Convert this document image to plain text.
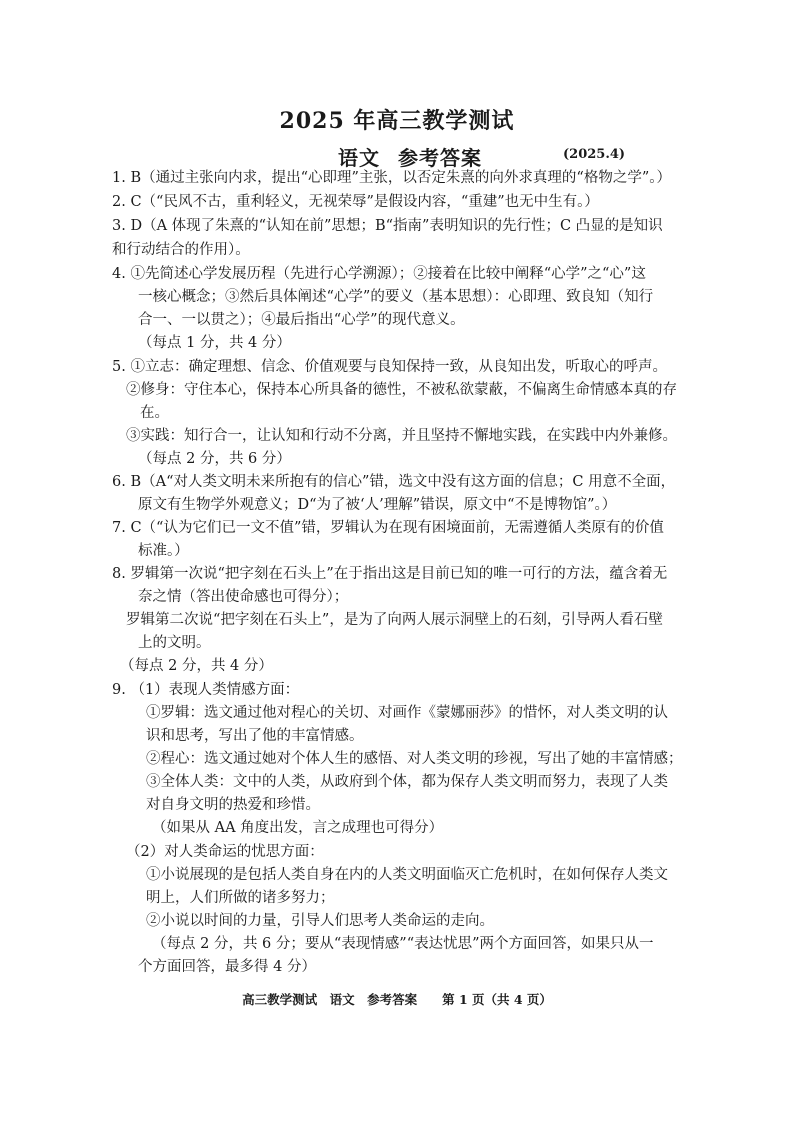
2025 年高三教学测试
语文 参考答案	(2025.4)
1. B（通过主张向内求，提出“心即理”主张，以否定朱熹的向外求真理的“格物之学”。）
2. C（“民风不古，重利轻义，无视荣辱”是假设内容，“重建”也无中生有。）
3. D（A 体现了朱熹的“认知在前”思想；B“指南”表明知识的先行性；C 凸显的是知识
和行动结合的作用）。
4. ①先简述心学发展历程（先进行心学溯源）；②接着在比较中阐释“心学”之“心”这
一核心概念；③然后具体阐述“心学”的要义（基本思想）：心即理、致良知（知行
合一、一以贯之）；④最后指出“心学”的现代意义。
（每点 1 分，共 4 分）
5. ①立志：确定理想、信念、价值观要与良知保持一致，从良知出发，听取心的呼声。
②修身：守住本心，保持本心所具备的德性，不被私欲蒙蔽，不偏离生命情感本真的存
在。
③实践：知行合一，让认知和行动不分离，并且坚持不懈地实践，在实践中内外兼修。
（每点 2 分，共 6 分）
6. B（A“对人类文明未来所抱有的信心”错，选文中没有这方面的信息；C 用意不全面，
原文有生物学外观意义；D“为了被‘人’理解”错误，原文中“不是博物馆”。）
7. C（“认为它们已一文不值”错，罗辑认为在现有困境面前，无需遵循人类原有的价值
标准。）
8. 罗辑第一次说“把字刻在石头上”在于指出这是目前已知的唯一可行的方法，蕴含着无
奈之情（答出使命感也可得分）；
罗辑第二次说“把字刻在石头上”，是为了向两人展示洞壁上的石刻，引导两人看石壁
上的文明。
（每点 2 分，共 4 分）
9. （1）表现人类情感方面：
①罗辑：选文通过他对程心的关切、对画作《蒙娜丽莎》的惜怀，对人类文明的认
识和思考，写出了他的丰富情感。
②程心：选文通过她对个体人生的感悟、对人类文明的珍视，写出了她的丰富情感；
③全体人类：文中的人类，从政府到个体，都为保存人类文明而努力，表现了人类
对自身文明的热爱和珍惜。
（如果从 AA 角度出发，言之成理也可得分）
（2）对人类命运的忧思方面：
①小说展现的是包括人类自身在内的人类文明面临灭亡危机时，在如何保存人类文
明上，人们所做的诸多努力；
②小说以时间的力量，引导人们思考人类命运的走向。
（每点 2 分，共 6 分；要从“表现情感”“表达忧思”两个方面回答，如果只从一
个方面回答，最多得 4 分）
高三教学测试　语文　参考答案　　第 1 页（共 4 页）
